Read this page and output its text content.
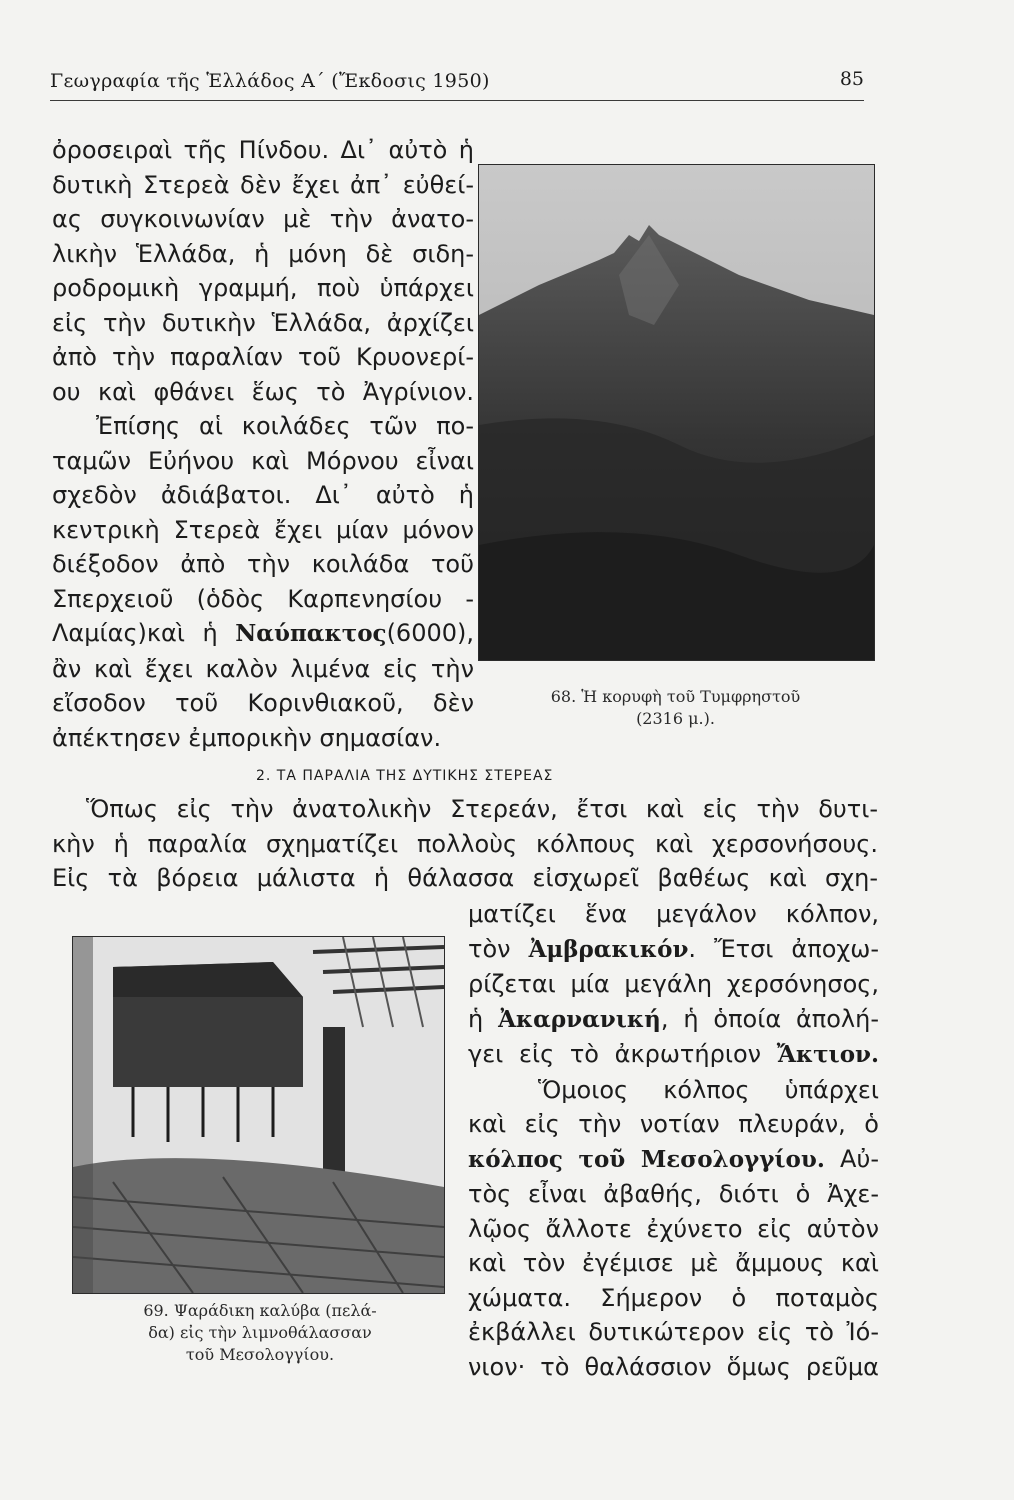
Γεωγραφία τῆς Ἑλλάδος Α΄ (Ἔκδοσις 1950)	85
ὀροσειραὶ τῆς Πίνδου. Δι᾽ αὐτὸ ἡ
δυτικὴ Στερεὰ δὲν ἔχει ἀπ᾽ εὐθεί-
ας συγκοινωνίαν μὲ τὴν ἀνατο-
λικὴν Ἑλλάδα, ἡ μόνη δὲ σιδη-
ροδρομικὴ γραμμή, ποὺ ὑπάρχει
εἰς τὴν δυτικὴν Ἑλλάδα, ἀρχίζει
ἀπὸ τὴν παραλίαν τοῦ Κρυονερί-
ου καὶ φθάνει ἕως τὸ Ἀγρίνιον.
Ἐπίσης αἱ κοιλάδες τῶν πο-
ταμῶν Εὐήνου καὶ Μόρνου εἶναι
σχεδὸν ἀδιάβατοι. Δι᾽ αὐτὸ ἡ
κεντρικὴ Στερεὰ ἔχει μίαν μόνον
διέξοδον ἀπὸ τὴν κοιλάδα τοῦ
Σπερχειοῦ (ὁδὸς Καρπενησίου -
Λαμίας)καὶ ἡ Ναύπακτος(6000),
ἂν καὶ ἔχει καλὸν λιμένα εἰς τὴν
εἴσοδον τοῦ Κορινθιακοῦ, δὲν
ἀπέκτησεν ἐμπορικὴν σημασίαν.
68. Ἡ κορυφὴ τοῦ Τυμφρηστοῦ
(2316 μ.).
2. ΤΑ ΠΑΡΑΛΙΑ ΤΗΣ ΔΥΤΙΚΗΣ ΣΤΕΡΕΑΣ
Ὅπως εἰς τὴν ἀνατολικὴν Στερεάν, ἔτσι καὶ εἰς τὴν δυτι-
κὴν ἡ παραλία σχηματίζει πολλοὺς κόλπους καὶ χερσονήσους.
Εἰς τὰ βόρεια μάλιστα ἡ θάλασσα εἰσχωρεῖ βαθέως καὶ σχη-
69. Ψαράδικη καλύβα (πελά-
δα) εἰς τὴν λιμνοθάλασσαν
τοῦ Μεσολογγίου.
ματίζει ἕνα μεγάλον κόλπον,
τὸν Ἀμβρακικόν. Ἔτσι ἀποχω-
ρίζεται μία μεγάλη χερσόνησος,
ἡ Ἀκαρνανική, ἡ ὁποία ἀπολή-
γει εἰς τὸ ἀκρωτήριον Ἄκτιον.
Ὅμοιος κόλπος ὑπάρχει
καὶ εἰς τὴν νοτίαν πλευράν, ὁ
κόλπος τοῦ Μεσολογγίου. Αὐ-
τὸς εἶναι ἀβαθής, διότι ὁ Ἀχε-
λῷος ἄλλοτε ἐχύνετο εἰς αὐτὸν
καὶ τὸν ἐγέμισε μὲ ἄμμους καὶ
χώματα. Σήμερον ὁ ποταμὸς
ἐκβάλλει δυτικώτερον εἰς τὸ Ἰό-
νιον· τὸ θαλάσσιον ὅμως ρεῦμα
